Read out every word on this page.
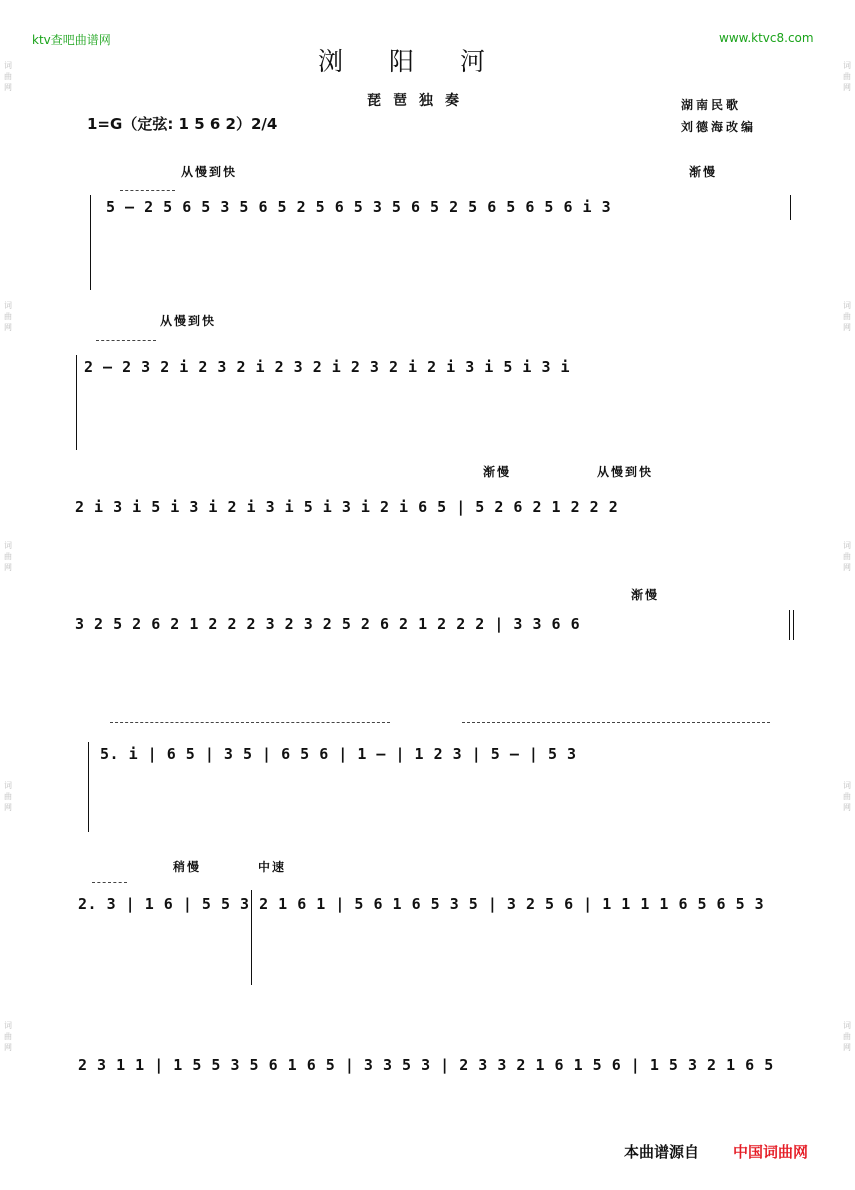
ktv查吧曲谱网	www.ktvc8.com
词
曲
网
词
曲
网
词
曲
网
词
曲
网
词
曲
网
词
曲
网
词
曲
网
词
曲
网
词
曲
网
词
曲
网
浏阳河
琵琶独奏	湖南民歌
刘德海改编
1=G（定弦: 1 5 6 2）2/4
从慢到快	渐慢
5 – 2 5 6 5 3 5 6 5 2 5 6 5 3 5 6 5 2 5 6 5 6 5 6 i 3
从慢到快
2 – 2 3 2 i 2 3 2 i 2 3 2 i 2 3 2 i 2 i 3 i 5 i 3 i
渐慢	从慢到快
2 i 3 i 5 i 3 i 2 i 3 i 5 i 3 i 2 i 6 5 | 5 2 6 2 1 2 2 2
渐慢
3 2 5 2 6 2 1 2 2 2 3 2 3 2 5 2 6 2 1 2 2 2 | 3 3 6 6
5. i | 6 5 | 3 5 | 6 5 6 | 1 – | 1 2 3 | 5 – | 5 3
稍慢	中速
2. 3 | 1 6 | 5 5 3 2 1 6 1 | 5 6 1 6 5 3 5 | 3 2 5 6 | 1 1 1 1 6 5 6 5 3
2 3 1 1 | 1 5 5 3 5 6 1 6 5 | 3 3 5 3 | 2 3 3 2 1 6 1 5 6 | 1 5 3 2 1 6 5
本曲谱源自 中国词曲网
